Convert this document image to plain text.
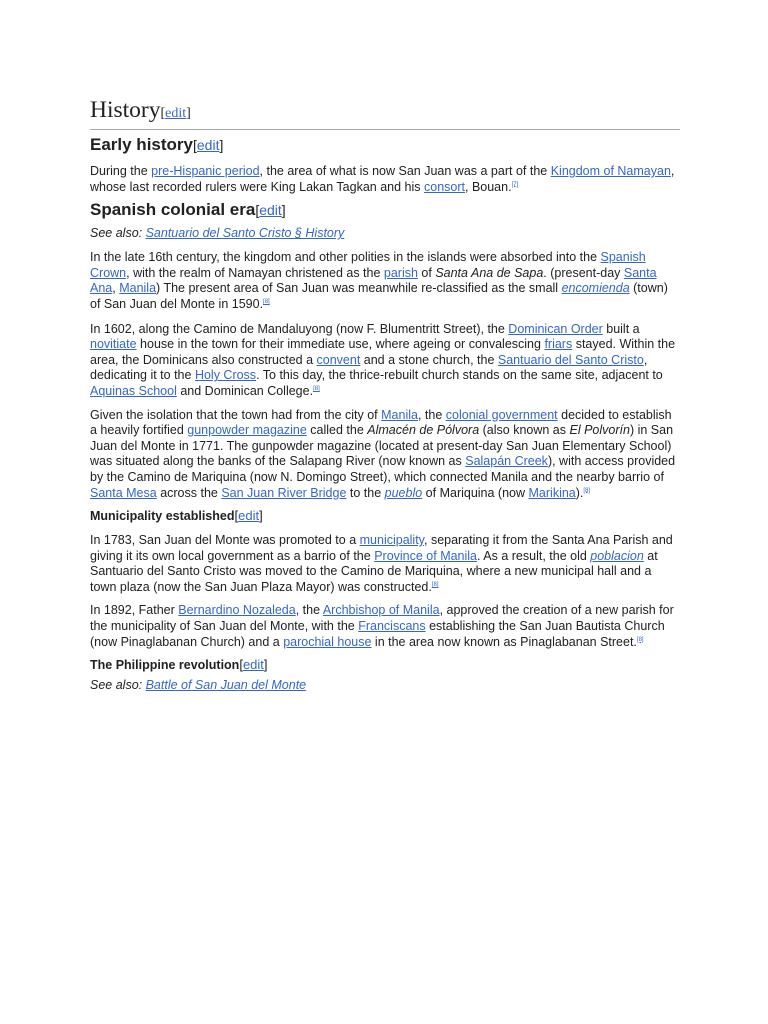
History[edit]
Early history[edit]

During the pre-Hispanic period, the area of what is now San Juan was a part of the Kingdom of Namayan, whose last recorded rulers were King Lakan Tagkan and his consort, Bouan.[7]

Spanish colonial era[edit]
See also: Santuario del Santo Cristo § History

In the late 16th century, the kingdom and other polities in the islands were absorbed into the Spanish Crown, with the realm of Namayan christened as the parish of Santa Ana de Sapa. (present-day Santa Ana, Manila) The present area of San Juan was meanwhile re-classified as the small encomienda (town) of San Juan del Monte in 1590.[8]

In 1602, along the Camino de Mandaluyong (now F. Blumentritt Street), the Dominican Order built a novitiate house in the town for their immediate use, where ageing or convalescing friars stayed. Within the area, the Dominicans also constructed a convent and a stone church, the Santuario del Santo Cristo, dedicating it to the Holy Cross. To this day, the thrice-rebuilt church stands on the same site, adjacent to Aquinas School and Dominican College.[8]

Given the isolation that the town had from the city of Manila, the colonial government decided to establish a heavily fortified gunpowder magazine called the Almacén de Pólvora (also known as El Polvorín) in San Juan del Monte in 1771. The gunpowder magazine (located at present-day San Juan Elementary School) was situated along the banks of the Salapang River (now known as Salapán Creek), with access provided by the Camino de Mariquina (now N. Domingo Street), which connected Manila and the nearby barrio of Santa Mesa across the San Juan River Bridge to the pueblo of Mariquina (now Marikina).[8]

Municipality established[edit]

In 1783, San Juan del Monte was promoted to a municipality, separating it from the Santa Ana Parish and giving it its own local government as a barrio of the Province of Manila. As a result, the old poblacion at Santuario del Santo Cristo was moved to the Camino de Mariquina, where a new municipal hall and a town plaza (now the San Juan Plaza Mayor) was constructed.[8]

In 1892, Father Bernardino Nozaleda, the Archbishop of Manila, approved the creation of a new parish for the municipality of San Juan del Monte, with the Franciscans establishing the San Juan Bautista Church (now Pinaglabanan Church) and a parochial house in the area now known as Pinaglabanan Street.[8]

The Philippine revolution[edit]
See also: Battle of San Juan del Monte
